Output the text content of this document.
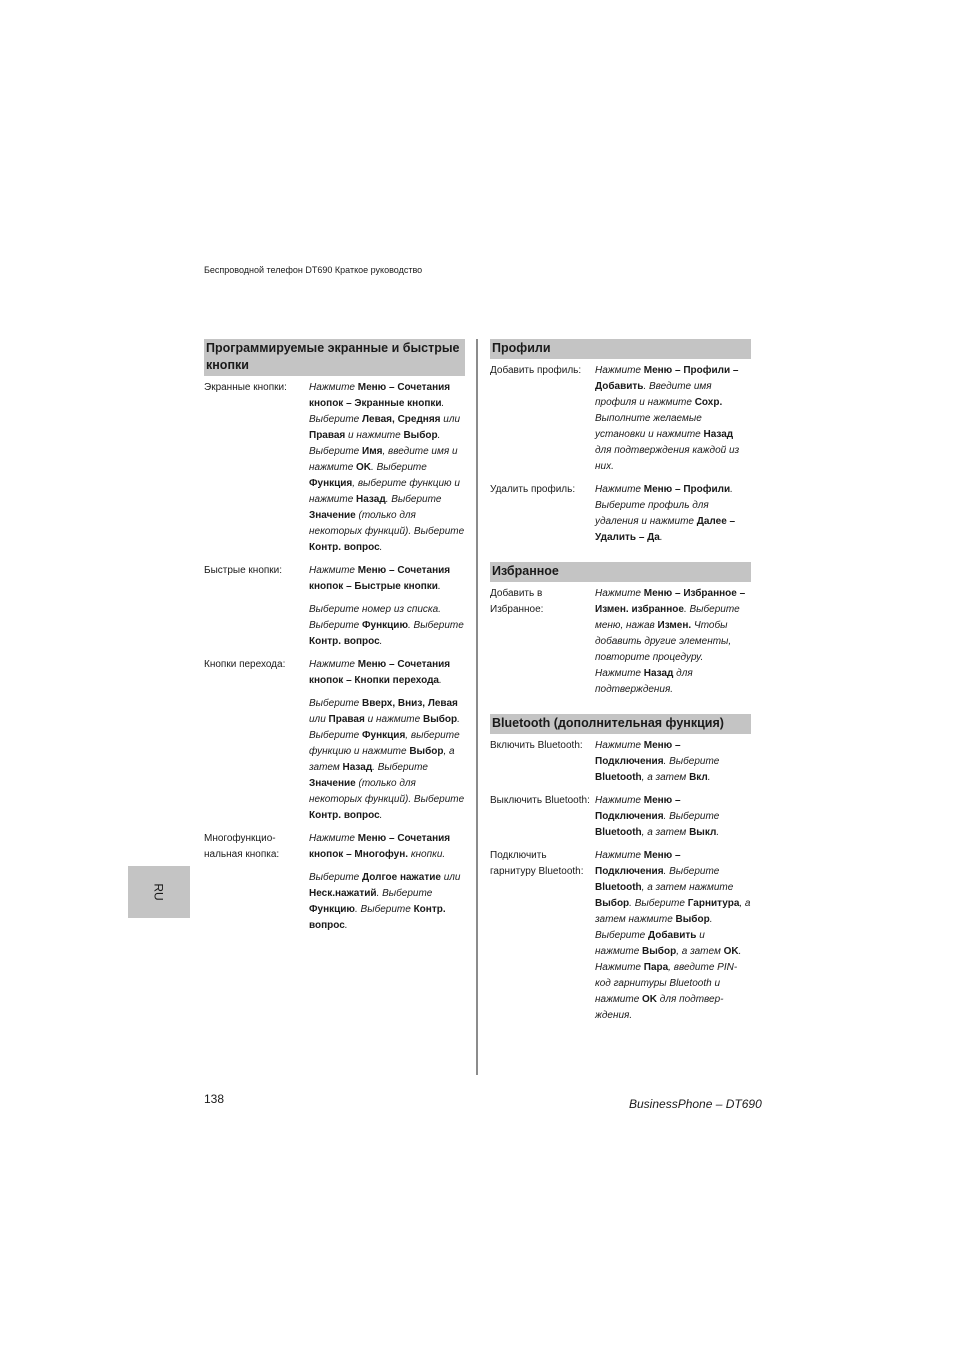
Беспроводной телефон DT690 Краткое руководство
Программируемые экранные и быстрые кнопки
Экранные кнопки:	Нажмите Меню – Сочетания кнопок – Экранные кнопки. Выберите Левая, Средняя или Правая и нажмите Выбор. Выберите Имя, введите имя и нажмите OK. Выберите Функция, выберите функцию и нажмите Назад. Выберите Значение (только для некоторых функций). Выберите Контр. вопрос.
Быстрые кнопки:	Нажмите Меню – Сочетания кнопок – Быстрые кнопки.
Выберите номер из списка. Выберите Функцию. Выберите Контр. вопрос.
Кнопки перехода:	Нажмите Меню – Сочетания кнопок – Кнопки перехода.
Выберите Вверх, Вниз, Левая или Правая и нажмите Выбор. Выберите Функция, выберите функцию и нажмите Выбор, а затем Назад. Выберите Значение (только для некоторых функций). Выберите Контр. вопрос.
Многофункцио-нальная кнопка:
Нажмите Меню – Сочетания кнопок – Многофун. кнопки.
Выберите Долгое нажатие или Неск.нажатий. Выберите Функцию. Выберите Контр. вопрос.
Профили
Добавить профиль:	Нажмите Меню – Профили – Добавить. Введите имя профиля и нажмите Сохр. Выполните желаемые установки и нажмите Назад для подтверждения каждой из них.
Удалить профиль:	Нажмите Меню – Профили. Выберите профиль для удаления и нажмите Далее – Удалить – Да.
Избранное
Добавить в Избранное:
Нажмите Меню – Избранное – Измен. избранное. Выберите меню, нажав Измен. Чтобы добавить другие элементы, повторите процедуру. Нажмите Назад для подтверждения.
Bluetooth (дополнительная функция)
Включить Bluetooth:	Нажмите Меню – Подключения. Выберите Bluetooth, а затем Вкл.
Выключить Bluetooth: Нажмите Меню – Подключения. Выберите Bluetooth, а затем Выкл.
Подключить гарнитуру Bluetooth:
Нажмите Меню – Подключения. Выберите Bluetooth, а затем нажмите Выбор. Выберите Гарнитура, а затем нажмите Выбор. Выберите Добавить и нажмите Выбор, а затем OK. Нажмите Пара, введите PIN-код гарнитуры Bluetooth и нажмите OK для подтвер-ждения.
RU
138	BusinessPhone – DT690
